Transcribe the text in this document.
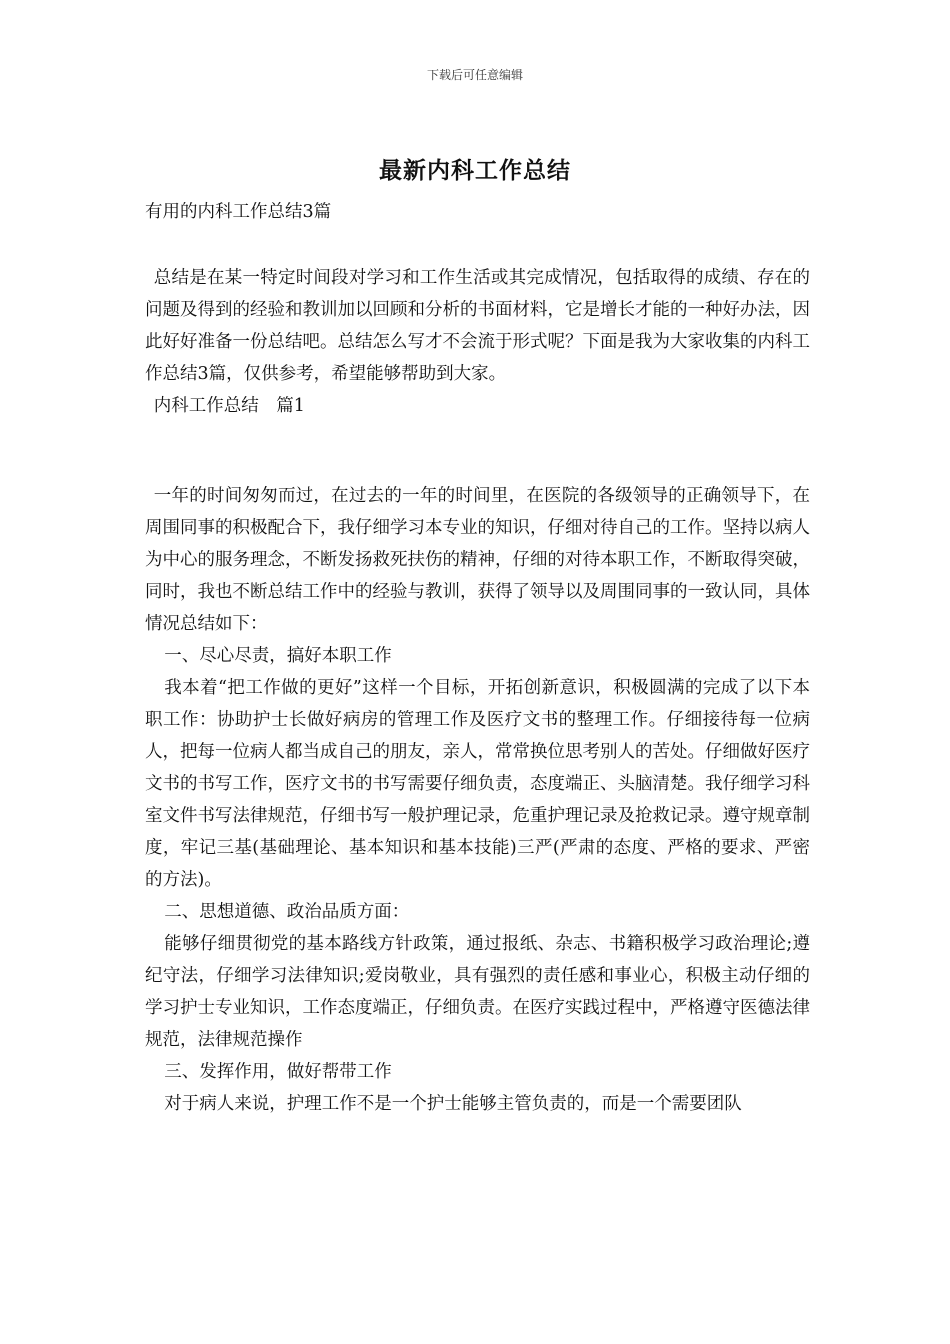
下载后可任意编辑
最新内科工作总结

有用的内科工作总结3篇

总结是在某一特定时间段对学习和工作生活或其完成情况，包括取得的成绩、存在的问题及得到的经验和教训加以回顾和分析的书面材料，它是增长才能的一种好办法，因此好好准备一份总结吧。总结怎么写才不会流于形式呢？下面是我为大家收集的内科工作总结3篇，仅供参考，希望能够帮助到大家。

内科工作总结　篇1

一年的时间匆匆而过，在过去的一年的时间里，在医院的各级领导的正确领导下，在周围同事的积极配合下，我仔细学习本专业的知识，仔细对待自己的工作。坚持以病人为中心的服务理念，不断发扬救死扶伤的精神，仔细的对待本职工作，不断取得突破，同时，我也不断总结工作中的经验与教训，获得了领导以及周围同事的一致认同，具体情况总结如下：

一、尽心尽责，搞好本职工作

我本着“把工作做的更好”这样一个目标，开拓创新意识，积极圆满的完成了以下本职工作：协助护士长做好病房的管理工作及医疗文书的整理工作。仔细接待每一位病人，把每一位病人都当成自己的朋友，亲人，常常换位思考别人的苦处。仔细做好医疗文书的书写工作，医疗文书的书写需要仔细负责，态度端正、头脑清楚。我仔细学习科室文件书写法律规范，仔细书写一般护理记录，危重护理记录及抢救记录。遵守规章制度，牢记三基(基础理论、基本知识和基本技能)三严(严肃的态度、严格的要求、严密的方法)。

二、思想道德、政治品质方面：

能够仔细贯彻党的基本路线方针政策，通过报纸、杂志、书籍积极学习政治理论;遵纪守法，仔细学习法律知识;爱岗敬业，具有强烈的责任感和事业心，积极主动仔细的学习护士专业知识，工作态度端正，仔细负责。在医疗实践过程中，严格遵守医德法律规范，法律规范操作

三、发挥作用，做好帮带工作

对于病人来说，护理工作不是一个护士能够主管负责的，而是一个需要团队
